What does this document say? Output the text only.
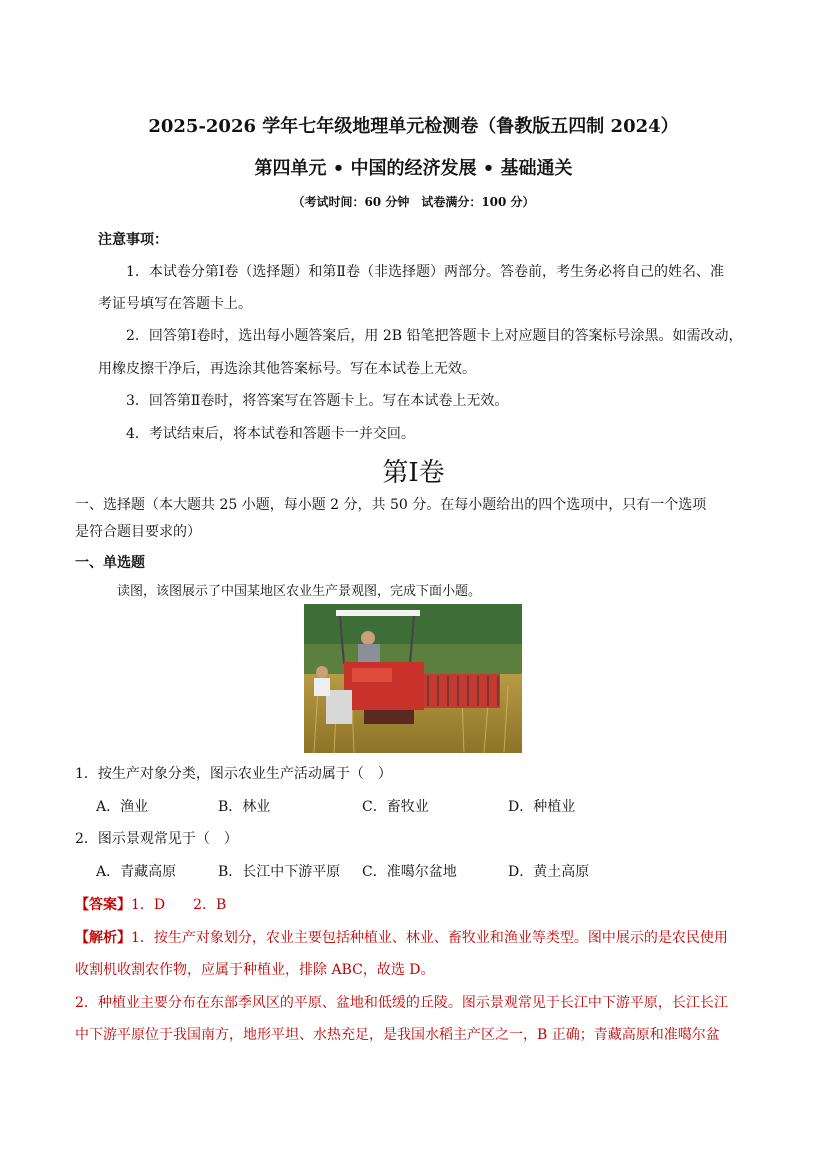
2025-2026 学年七年级地理单元检测卷（鲁教版五四制 2024）
第四单元 • 中国的经济发展 • 基础通关
（考试时间：60 分钟　试卷满分：100 分）
注意事项：
1．本试卷分第Ⅰ卷（选择题）和第Ⅱ卷（非选择题）两部分。答卷前，考生务必将自己的姓名、准
考证号填写在答题卡上。
2．回答第Ⅰ卷时，选出每小题答案后，用 2B 铅笔把答题卡上对应题目的答案标号涂黑。如需改动，
用橡皮擦干净后，再选涂其他答案标号。写在本试卷上无效。
3．回答第Ⅱ卷时，将答案写在答题卡上。写在本试卷上无效。
4．考试结束后，将本试卷和答题卡一并交回。
第Ⅰ卷
一、选择题（本大题共 25 小题，每小题 2 分，共 50 分。在每小题给出的四个选项中，只有一个选项
是符合题目要求的）
一、单选题
读图，该图展示了中国某地区农业生产景观图，完成下面小题。
1．按生产对象分类，图示农业生产活动属于（　）
A．渔业	B．林业	C．畜牧业	D．种植业
2．图示景观常见于（　）
A．青藏高原	B．长江中下游平原 C．准噶尔盆地	D．黄土高原
【答案】1．D　　2．B
【解析】1．按生产对象划分，农业主要包括种植业、林业、畜牧业和渔业等类型。图中展示的是农民使用
收割机收割农作物，应属于种植业，排除 ABC，故选 D。
2．种植业主要分布在东部季风区的平原、盆地和低缓的丘陵。图示景观常见于长江中下游平原，长江长江
中下游平原位于我国南方，地形平坦、水热充足，是我国水稻主产区之一，B 正确；青藏高原和准噶尔盆
